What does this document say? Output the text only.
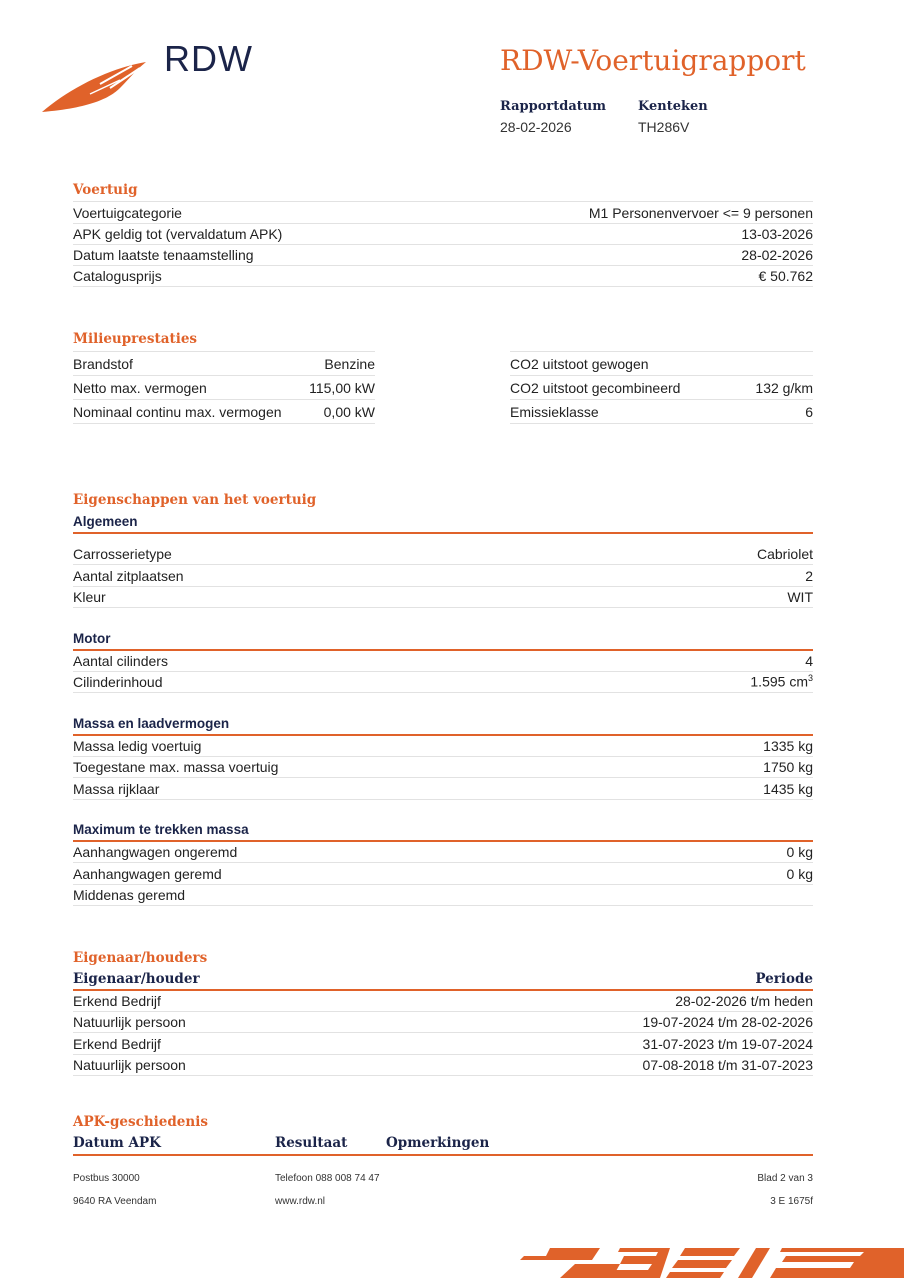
RDW	RDW-Voertuigrapport
Rapportdatum
28-02-2026
Kenteken
TH286V
Voertuig
Voertuigcategorie	M1 Personenvervoer <= 9 personen
APK geldig tot (vervaldatum APK)	13-03-2026
Datum laatste tenaamstelling	28-02-2026
Catalogusprijs	€ 50.762
Milieuprestaties
Brandstof	Benzine	CO2 uitstoot gewogen
Netto max. vermogen	115,00 kW	CO2 uitstoot gecombineerd	132 g/km
Nominaal continu max. vermogen	0,00 kW	Emissieklasse	6
Eigenschappen van het voertuig
Algemeen
Carrosserietype	Cabriolet
Aantal zitplaatsen	2
Kleur	WIT
Motor
Aantal cilinders	4
Cilinderinhoud	1.595 $cm^3$
Massa en laadvermogen
Massa ledig voertuig	1335 kg
Toegestane max. massa voertuig	1750 kg
Massa rijklaar	1435 kg
Maximum te trekken massa
Aanhangwagen ongeremd	0 kg
Aanhangwagen geremd	0 kg
Middenas geremd
Eigenaar/houders
Eigenaar/houder	Periode
Erkend Bedrijf	28-02-2026 t/m heden
Natuurlijk persoon	19-07-2024 t/m 28-02-2026
Erkend Bedrijf	31-07-2023 t/m 19-07-2024
Natuurlijk persoon	07-08-2018 t/m 31-07-2023
APK-geschiedenis
Datum APK	Resultaat	Opmerkingen
Postbus 30000
9640 RA Veendam
Telefoon 088 008 74 47
www.rdw.nl
Blad 2 van 3
3 E 1675f
